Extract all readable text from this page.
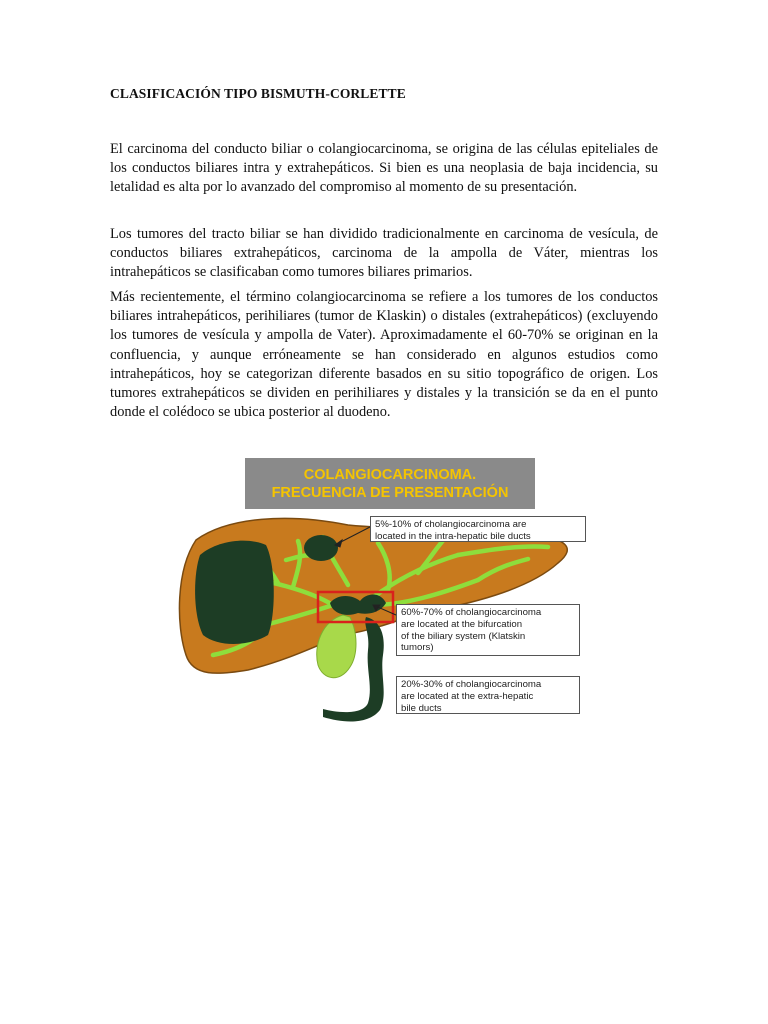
CLASIFICACIÓN TIPO BISMUTH-CORLETTE

El carcinoma del conducto biliar o colangiocarcinoma, se origina de las células epiteliales de los conductos biliares intra y extrahepáticos. Si bien es una neoplasia de baja incidencia, su letalidad es alta por lo avanzado del compromiso al momento de su presentación.

Los tumores del tracto biliar se han dividido tradicionalmente en carcinoma de vesícula, de conductos biliares extrahepáticos, carcinoma de la ampolla de Váter, mientras los intrahepáticos se clasificaban como tumores biliares primarios.

Más recientemente, el término colangiocarcinoma se refiere a los tumores de los conductos biliares intrahepáticos, perihiliares (tumor de Klaskin) o distales (extrahepáticos) (excluyendo los tumores de vesícula y ampolla de Vater). Aproximadamente el 60-70% se originan en la confluencia, y aunque erróneamente se han considerado en algunos estudios como intrahepáticos, hoy se categorizan diferente basados en su sitio topográfico de origen. Los tumores extrahepáticos se dividen en perihiliares y distales y la transición se da en el punto donde el colédoco se ubica posterior al duodeno.

COLANGIOCARCINOMA.
FRECUENCIA DE PRESENTACIÓN
5%-10% of cholangiocarcinoma are
located in the intra-hepatic bile ducts
60%-70% of cholangiocarcinoma
are located at the bifurcation
of the biliary system (Klatskin
tumors)
20%-30% of cholangiocarcinoma
are located at the extra-hepatic
bile ducts
